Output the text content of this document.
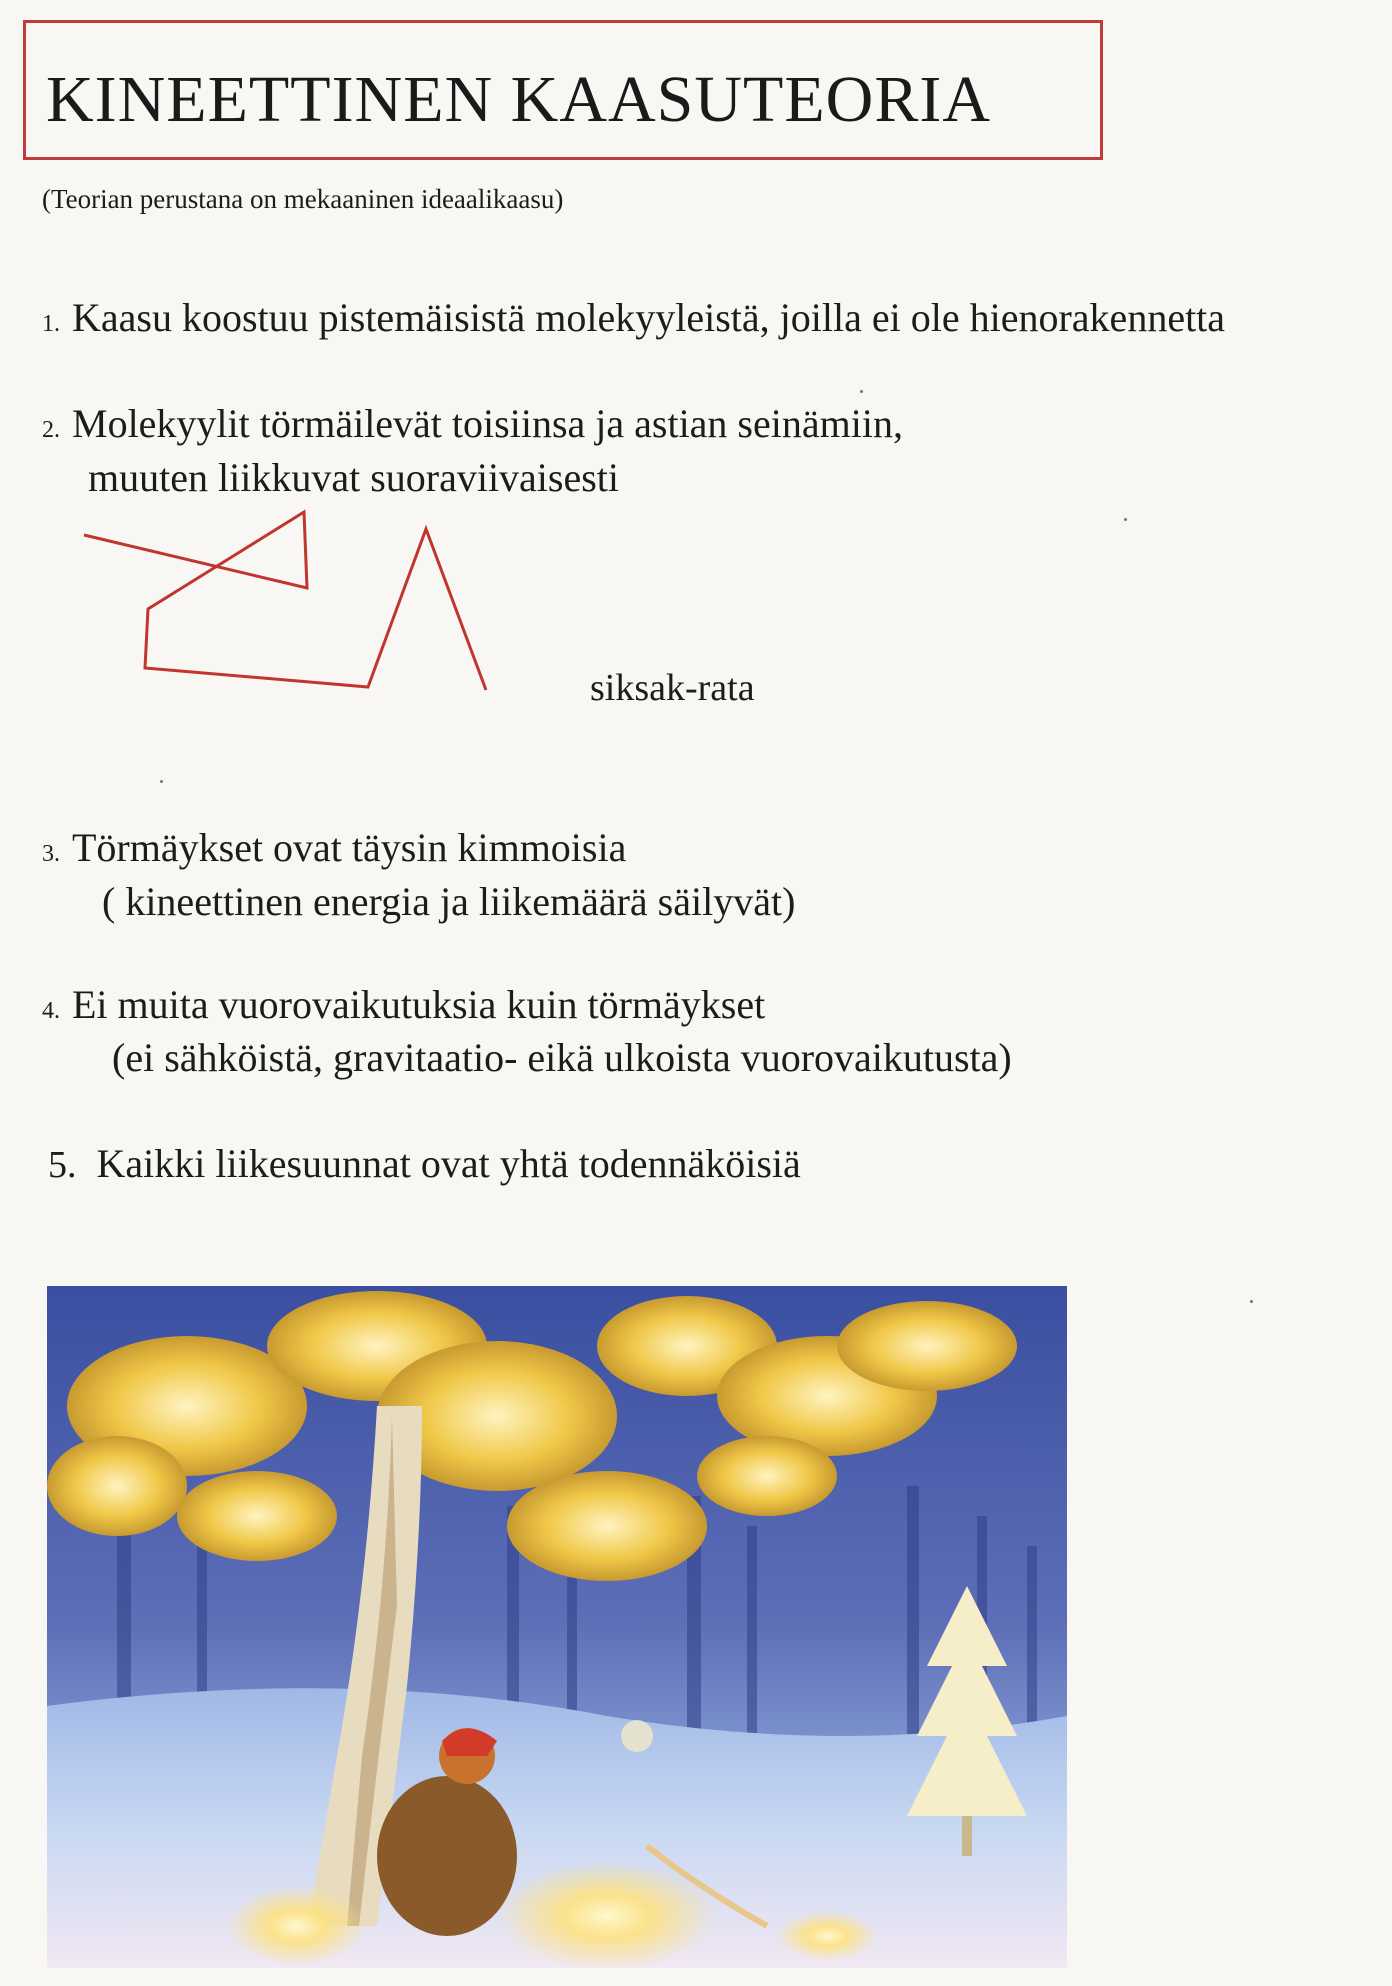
KINEETTINEN KAASUTEORIA
(Teorian perustana on mekaaninen ideaalikaasu)
1. Kaasu koostuu pistemäisistä molekyyleistä, joilla ei ole hienorakennetta
2. Molekyylit törmäilevät toisiinsa ja astian seinämiin,
muuten liikkuvat suoraviivaisesti
siksak-rata
3. Törmäykset ovat täysin kimmoisia
( kineettinen energia ja liikemäärä säilyvät)
4. Ei muita vuorovaikutuksia kuin törmäykset
(ei sähköistä, gravitaatio- eikä ulkoista vuorovaikutusta)
5. Kaikki liikesuunnat ovat yhtä todennäköisiä
